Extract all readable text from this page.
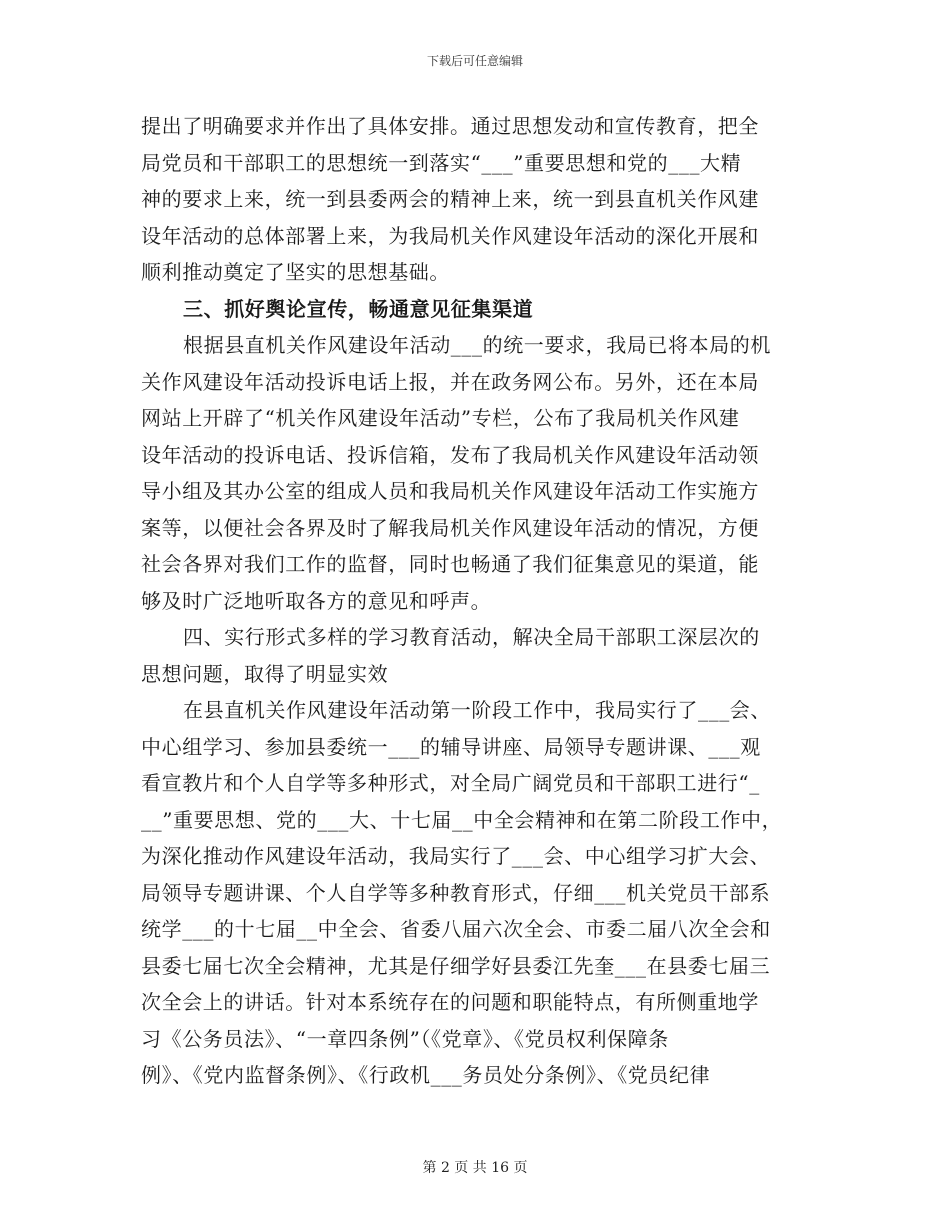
下载后可任意编辑
提出了明确要求并作出了具体安排。通过思想发动和宣传教育，把全
局党员和干部职工的思想统一到落实“___”重要思想和党的___大精
神的要求上来，统一到县委两会的精神上来，统一到县直机关作风建
设年活动的总体部署上来，为我局机关作风建设年活动的深化开展和
顺利推动奠定了坚实的思想基础。
三、抓好舆论宣传，畅通意见征集渠道
根据县直机关作风建设年活动___的统一要求，我局已将本局的机
关作风建设年活动投诉电话上报，并在政务网公布。另外，还在本局
网站上开辟了“机关作风建设年活动”专栏，公布了我局机关作风建
设年活动的投诉电话、投诉信箱，发布了我局机关作风建设年活动领
导小组及其办公室的组成人员和我局机关作风建设年活动工作实施方
案等，以便社会各界及时了解我局机关作风建设年活动的情况，方便
社会各界对我们工作的监督，同时也畅通了我们征集意见的渠道，能
够及时广泛地听取各方的意见和呼声。
四、实行形式多样的学习教育活动，解决全局干部职工深层次的
思想问题，取得了明显实效
在县直机关作风建设年活动第一阶段工作中，我局实行了___会、
中心组学习、参加县委统一___的辅导讲座、局领导专题讲课、___观
看宣教片和个人自学等多种形式，对全局广阔党员和干部职工进行“_
__”重要思想、党的___大、十七届__中全会精神和在第二阶段工作中，
为深化推动作风建设年活动，我局实行了___会、中心组学习扩大会、
局领导专题讲课、个人自学等多种教育形式，仔细___机关党员干部系
统学___的十七届__中全会、省委八届六次全会、市委二届八次全会和
县委七届七次全会精神，尤其是仔细学好县委江先奎___在县委七届三
次全会上的讲话。针对本系统存在的问题和职能特点，有所侧重地学
习《公务员法》、“一章四条例”（《党章》、《党员权利保障条
例》、《党内监督条例》、《行政机___务员处分条例》、《党员纪律
第 2 页 共 16 页
